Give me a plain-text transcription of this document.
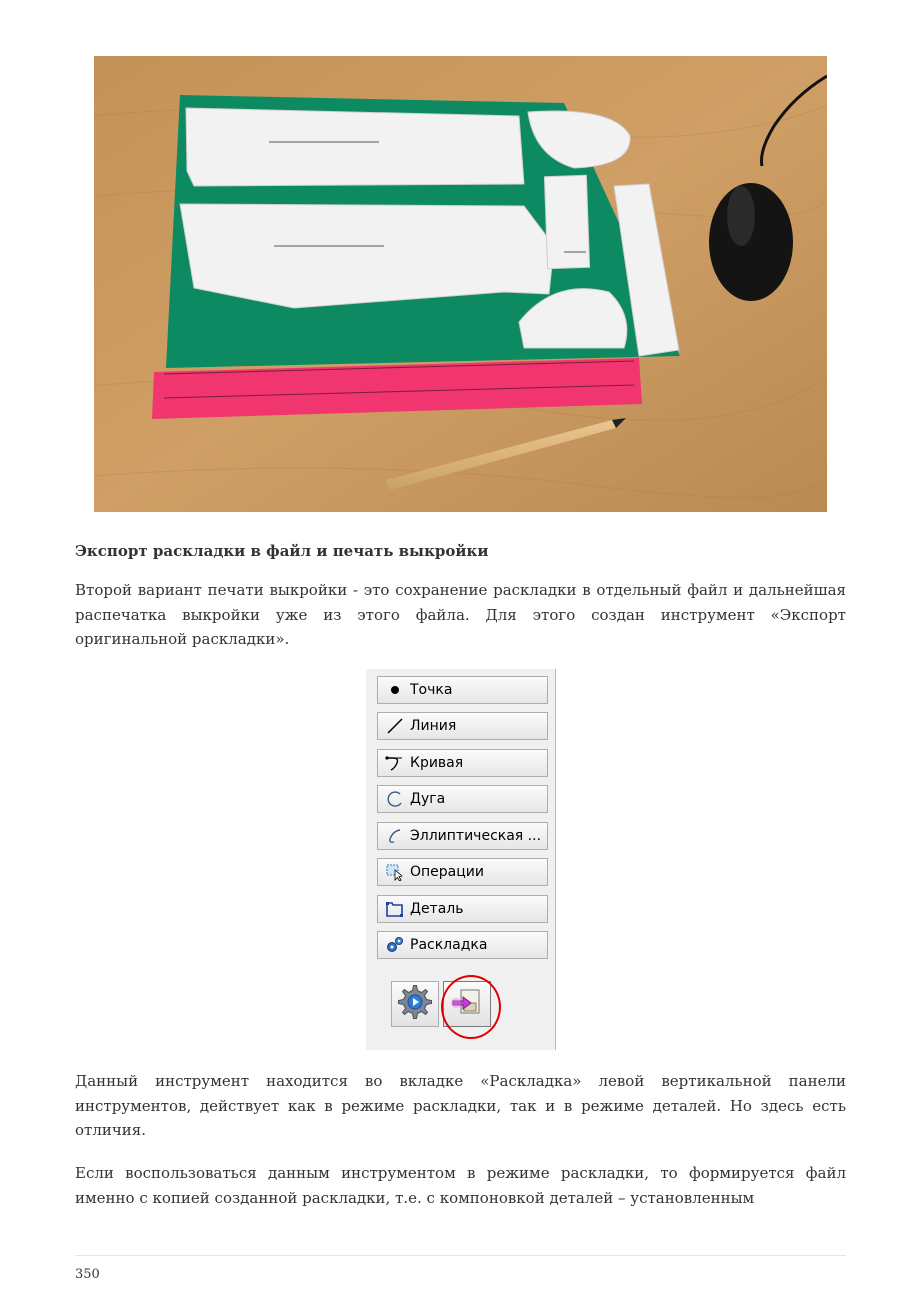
Экспорт раскладки в файл и печать выкройки

Второй вариант печати выкройки - это сохранение раскладки в отдельный файл и дальнейшая распечатка выкройки уже из этого файла. Для этого создан инструмент «Экспорт оригинальной раскладки».

Точка
Линия
Кривая
Дуга
Эллиптическая ...
Операции
Деталь
Раскладка

Данный инструмент находится во вкладке «Раскладка» левой вертикальной панели инструментов, действует как в режиме раскладки, так и в режиме деталей. Но здесь есть отличия.

Если воспользоваться данным инструментом в режиме раскладки, то формируется файл именно с копией созданной раскладки, т.е. с компоновкой деталей – установленным

350
